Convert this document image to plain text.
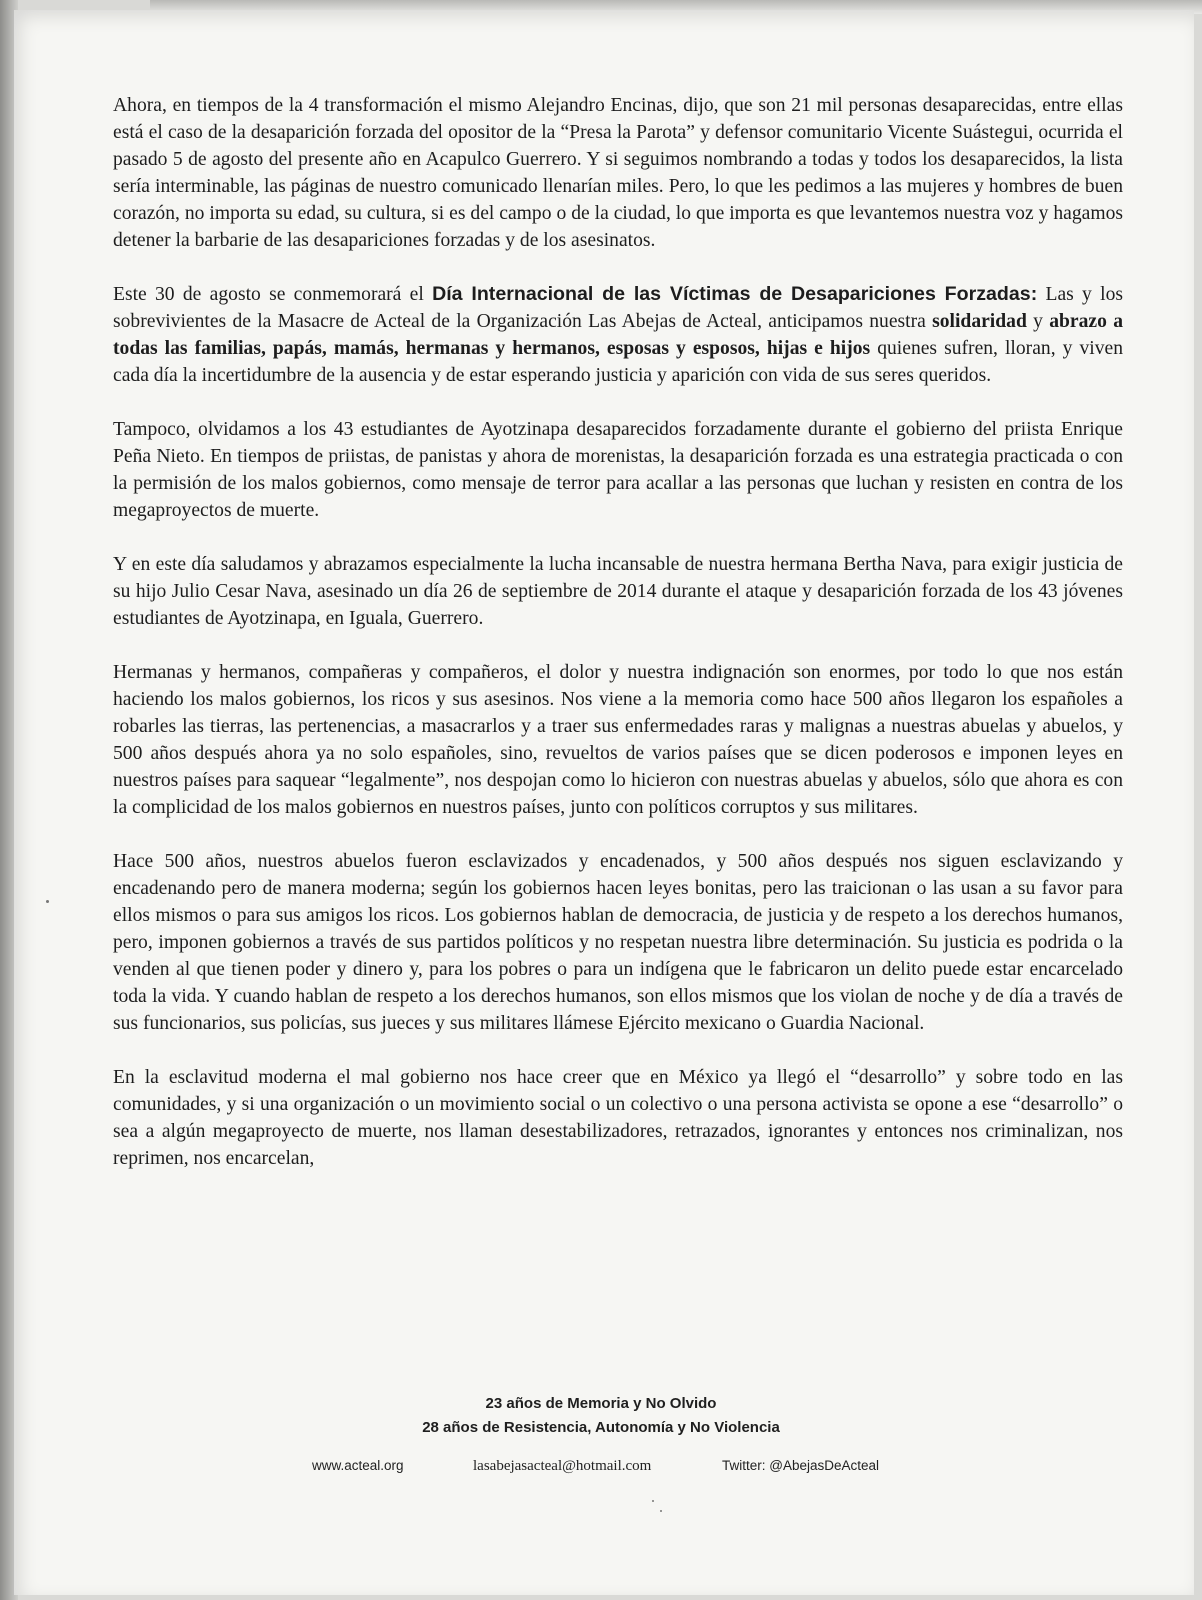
Ahora, en tiempos de la 4 transformación el mismo Alejandro Encinas, dijo, que son 21 mil personas desaparecidas, entre ellas está el caso de la desaparición forzada del opositor de la “Presa la Parota” y defensor comunitario Vicente Suástegui, ocurrida el pasado 5 de agosto del presente año en Acapulco Guerrero. Y si seguimos nombrando a todas y todos los desaparecidos, la lista sería interminable, las páginas de nuestro comunicado llenarían miles. Pero, lo que les pedimos a las mujeres y hombres de buen corazón, no importa su edad, su cultura, si es del campo o de la ciudad, lo que importa es que levantemos nuestra voz y hagamos detener la barbarie de las desapariciones forzadas y de los asesinatos.

Este 30 de agosto se conmemorará el Día Internacional de las Víctimas de Desapariciones Forzadas: Las y los sobrevivientes de la Masacre de Acteal de la Organización Las Abejas de Acteal, anticipamos nuestra solidaridad y abrazo a todas las familias, papás, mamás, hermanas y hermanos, esposas y esposos, hijas e hijos quienes sufren, lloran, y viven cada día la incertidumbre de la ausencia y de estar esperando justicia y aparición con vida de sus seres queridos.

Tampoco, olvidamos a los 43 estudiantes de Ayotzinapa desaparecidos forzadamente durante el gobierno del priista Enrique Peña Nieto. En tiempos de priistas, de panistas y ahora de morenistas, la desaparición forzada es una estrategia practicada o con la permisión de los malos gobiernos, como mensaje de terror para acallar a las personas que luchan y resisten en contra de los megaproyectos de muerte.

Y en este día saludamos y abrazamos especialmente la lucha incansable de nuestra hermana Bertha Nava, para exigir justicia de su hijo Julio Cesar Nava, asesinado un día 26 de septiembre de 2014 durante el ataque y desaparición forzada de los 43 jóvenes estudiantes de Ayotzinapa, en Iguala, Guerrero.

Hermanas y hermanos, compañeras y compañeros, el dolor y nuestra indignación son enormes, por todo lo que nos están haciendo los malos gobiernos, los ricos y sus asesinos. Nos viene a la memoria como hace 500 años llegaron los españoles a robarles las tierras, las pertenencias, a masacrarlos y a traer sus enfermedades raras y malignas a nuestras abuelas y abuelos, y 500 años después ahora ya no solo españoles, sino, revueltos de varios países que se dicen poderosos e imponen leyes en nuestros países para saquear “legalmente”, nos despojan como lo hicieron con nuestras abuelas y abuelos, sólo que ahora es con la complicidad de los malos gobiernos en nuestros países, junto con políticos corruptos y sus militares.

Hace 500 años, nuestros abuelos fueron esclavizados y encadenados, y 500 años después nos siguen esclavizando y encadenando pero de manera moderna; según los gobiernos hacen leyes bonitas, pero las traicionan o las usan a su favor para ellos mismos o para sus amigos los ricos. Los gobiernos hablan de democracia, de justicia y de respeto a los derechos humanos, pero, imponen gobiernos a través de sus partidos políticos y no respetan nuestra libre determinación. Su justicia es podrida o la venden al que tienen poder y dinero y, para los pobres o para un indígena que le fabricaron un delito puede estar encarcelado toda la vida. Y cuando hablan de respeto a los derechos humanos, son ellos mismos que los violan de noche y de día a través de sus funcionarios, sus policías, sus jueces y sus militares llámese Ejército mexicano o Guardia Nacional.

En la esclavitud moderna el mal gobierno nos hace creer que en México ya llegó el “desarrollo” y sobre todo en las comunidades, y si una organización o un movimiento social o un colectivo o una persona activista se opone a ese “desarrollo” o sea a algún megaproyecto de muerte, nos llaman desestabilizadores, retrazados, ignorantes y entonces nos criminalizan, nos reprimen, nos encarcelan,

23 años de Memoria y No Olvido
28 años de Resistencia, Autonomía y No Violencia
www.acteal.org	lasabejasacteal@hotmail.com	Twitter: @AbejasDeActeal
